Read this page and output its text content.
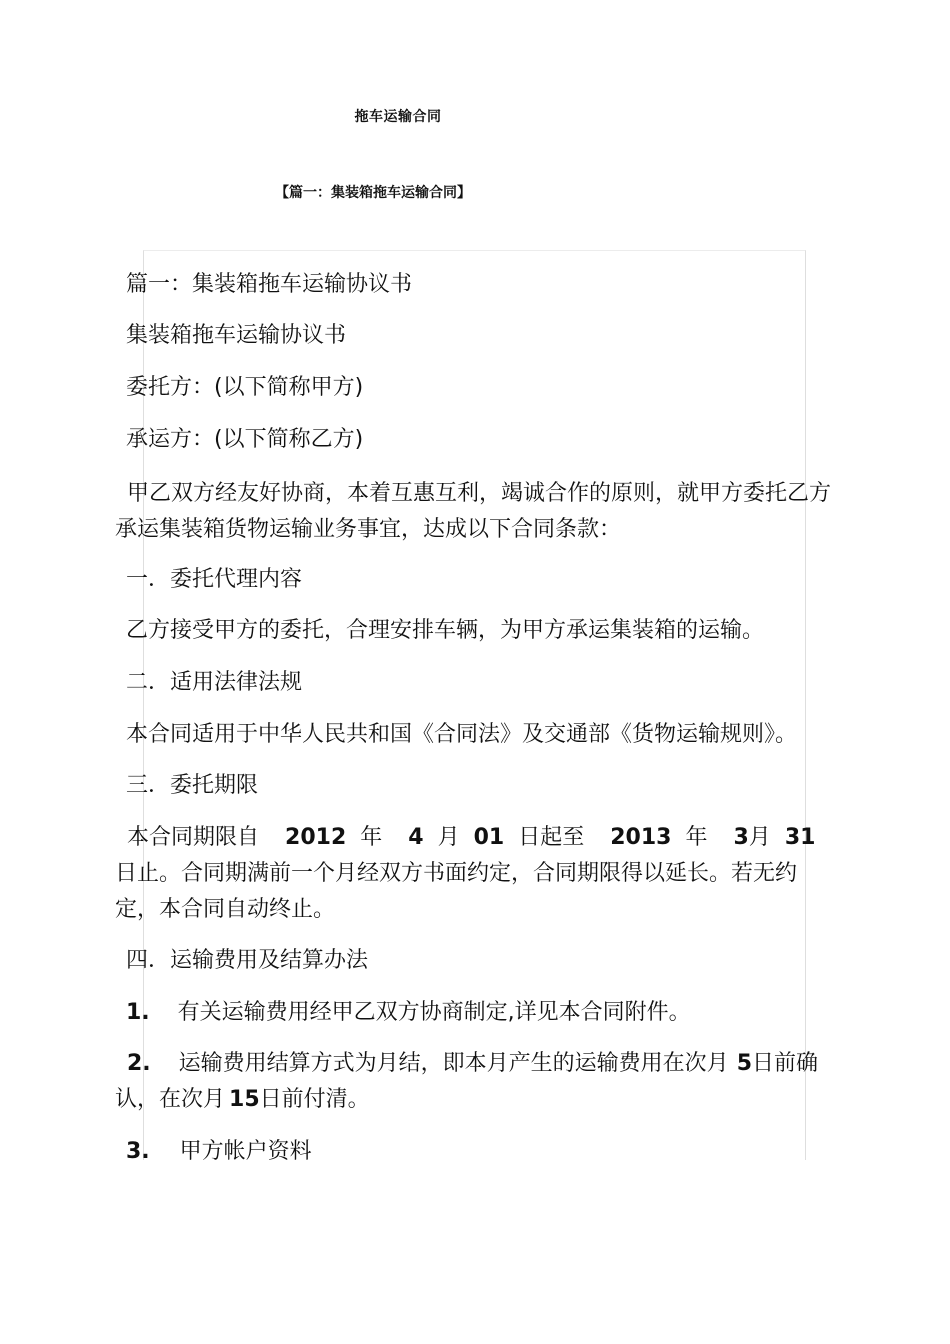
拖车运输合同
【篇一：集装箱拖车运输合同】

篇一：集装箱拖车运输协议书

集装箱拖车运输协议书

委托方：(以下简称甲方)

承运方：(以下简称乙方)

甲乙双方经友好协商，本着互惠互利，竭诚合作的原则，就甲方委托乙方承运集装箱货物运输业务事宜，达成以下合同条款：

一．委托代理内容

乙方接受甲方的委托，合理安排车辆，为甲方承运集装箱的运输。

二．适用法律法规

本合同适用于中华人民共和国《合同法》及交通部《货物运输规则》。

三．委托期限

本合同期限自 2012 年 4 月 01 日起至 2013 年 3月 31日止。合同期满前一个月经双方书面约定，合同期限得以延长。若无约定，本合同自动终止。

四．运输费用及结算办法

1. 有关运输费用经甲乙双方协商制定,详见本合同附件。

2. 运输费用结算方式为月结，即本月产生的运输费用在次月 5日前确认，在次月 15日前付清。

3. 甲方帐户资料
